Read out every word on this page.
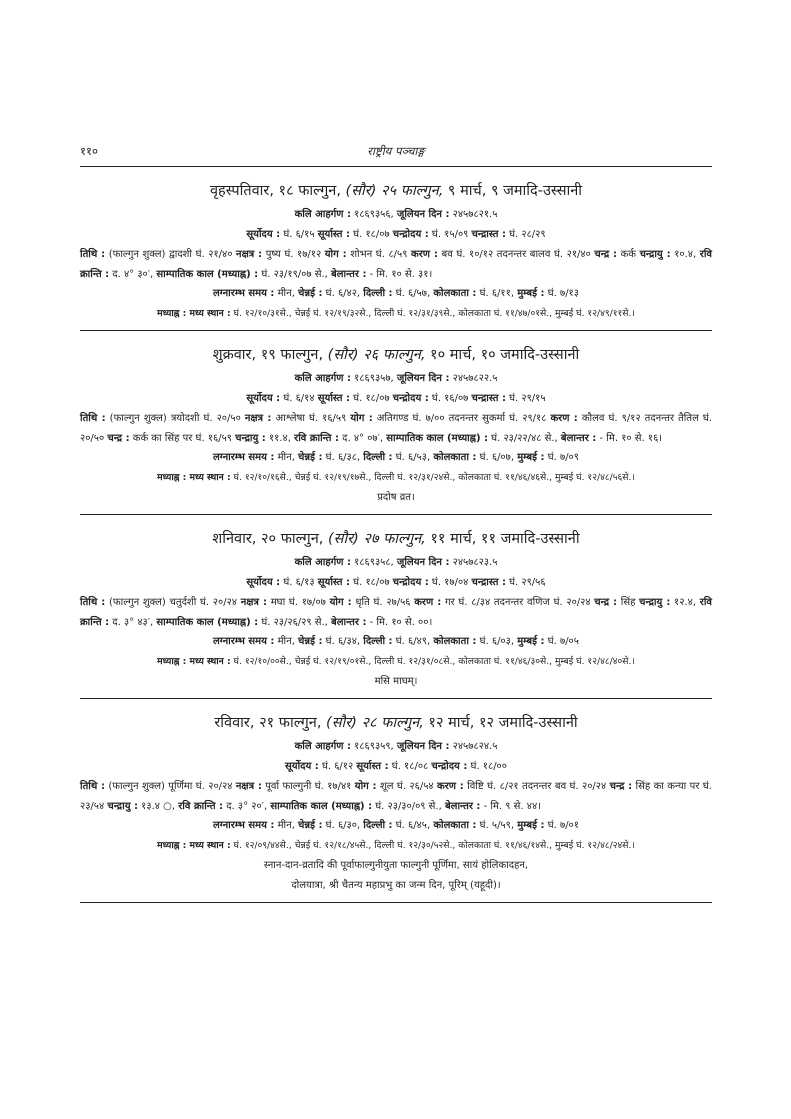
११०	राष्ट्रीय पञ्चाङ्ग
वृहस्पतिवार, १८ फाल्गुन, (सौर) २५ फाल्गुन, ९ मार्च, ९ जमादि-उस्सानी
कलि आहर्गण : १८६९३५६, जूलियन दिन : २४५७८२१.५
सूर्योदय : घं. ६/१५ सूर्यास्त : घं. १८/०७ चन्द्रोदय : घं. १५/०९ चन्द्रास्त : घं. २८/२९
तिथि : (फाल्गुन शुक्ल) द्वादशी घं. २१/४० नक्षत्र : पुष्य घं. १७/१२ योग : शोभन घं. ८/५९ करण : बव घं. १०/१२ तदनन्तर बालव घं. २१/४० चन्द्र : कर्क चन्द्रायु : १०.४, रवि क्रान्ति : द. ४° ३०′, साम्पातिक काल (मध्याह्न) : घं. २३/१९/०७ से., बेलान्तर : - मि. १० से. ३१।
लग्नारम्भ समय : मीन, चेन्नई : घं. ६/४२, दिल्ली : घं. ६/५७, कोलकाता : घं. ६/११, मुम्बई : घं. ७/१३
मध्याह्न : मध्य स्थान : घं. १२/१०/३१से., चेन्नई घं. १२/१९/३२से., दिल्ली घं. १२/३१/३९से., कोलकाता घं. ११/४७/०१से., मुम्बई घं. १२/४९/११से.।
शुक्रवार, १९ फाल्गुन, (सौर) २६ फाल्गुन, १० मार्च, १० जमादि-उस्सानी
कलि आहर्गण : १८६९३५७, जूलियन दिन : २४५७८२२.५
सूर्योदय : घं. ६/१४ सूर्यास्त : घं. १८/०७ चन्द्रोदय : घं. १६/०७ चन्द्रास्त : घं. २९/१५
तिथि : (फाल्गुन शुक्ल) त्रयोदशी घं. २०/५० नक्षत्र : आश्लेषा घं. १६/५९ योग : अतिगण्ड घं. ७/०० तदनन्तर सुकर्मा घं. २९/१८ करण : कौलव घं. ९/१२ तदनन्तर तैतिल घं. २०/५० चन्द्र : कर्क का सिंह पर घं. १६/५९ चन्द्रायु : ११.४, रवि क्रान्ति : द. ४° ०७′, साम्पातिक काल (मध्याह्न) : घं. २३/२२/४८ से., बेलान्तर : - मि. १० से. १६।
लग्नारम्भ समय : मीन, चेन्नई : घं. ६/३८, दिल्ली : घं. ६/५३, कोलकाता : घं. ६/०७, मुम्बई : घं. ७/०९
मध्याह्न : मध्य स्थान : घं. १२/१०/१६से., चेन्नई घं. १२/१९/१७से., दिल्ली घं. १२/३१/२४से., कोलकाता घं. ११/४६/४६से., मुम्बई घं. १२/४८/५६से.।
प्रदोष व्रत।
शनिवार, २० फाल्गुन, (सौर) २७ फाल्गुन, ११ मार्च, ११ जमादि-उस्सानी
कलि आहर्गण : १८६९३५८, जूलियन दिन : २४५७८२३.५
सूर्योदय : घं. ६/१३ सूर्यास्त : घं. १८/०७ चन्द्रोदय : घं. १७/०४ चन्द्रास्त : घं. २९/५६
तिथि : (फाल्गुन शुक्ल) चतुर्दशी घं. २०/२४ नक्षत्र : मघा घं. १७/०७ योग : धृति घं. २७/५६ करण : गर घं. ८/३४ तदनन्तर वणिज घं. २०/२४ चन्द्र : सिंह चन्द्रायु : १२.४, रवि क्रान्ति : द. ३° ४३′, साम्पातिक काल (मध्याह्न) : घं. २३/२६/२९ से., बेलान्तर : - मि. १० से. ००।
लग्नारम्भ समय : मीन, चेन्नई : घं. ६/३४, दिल्ली : घं. ६/४९, कोलकाता : घं. ६/०३, मुम्बई : घं. ७/०५
मध्याह्न : मध्य स्थान : घं. १२/१०/००से., चेन्नई घं. १२/१९/०१से., दिल्ली घं. १२/३१/०८से., कोलकाता घं. ११/४६/३०से., मुम्बई घं. १२/४८/४०से.।
मसि माघम्।
रविवार, २१ फाल्गुन, (सौर) २८ फाल्गुन, १२ मार्च, १२ जमादि-उस्सानी
कलि आहर्गण : १८६९३५९, जूलियन दिन : २४५७८२४.५
सूर्योदय : घं. ६/१२ सूर्यास्त : घं. १८/०८ चन्द्रोदय : घं. १८/००
तिथि : (फाल्गुन शुक्ल) पूर्णिमा घं. २०/२४ नक्षत्र : पूर्वा फाल्गुनी घं. १७/४१ योग : शूल घं. २६/५४ करण : विष्टि घं. ८/२१ तदनन्तर बव घं. २०/२४ चन्द्र : सिंह का कन्या पर घं. २३/५४ चन्द्रायु : १३.४ ○, रवि क्रान्ति : द. ३° २०′, साम्पातिक काल (मध्याह्न) : घं. २३/३०/०९ से., बेलान्तर : - मि. ९ से. ४४।
लग्नारम्भ समय : मीन, चेन्नई : घं. ६/३०, दिल्ली : घं. ६/४५, कोलकाता : घं. ५/५९, मुम्बई : घं. ७/०१
मध्याह्न : मध्य स्थान : घं. १२/०९/४४से., चेन्नई घं. १२/१८/४५से., दिल्ली घं. १२/३०/५२से., कोलकाता घं. ११/४६/१४से., मुम्बई घं. १२/४८/२४से.।
स्नान-दान-व्रतादि की पूर्वाफाल्गुनीयुता फाल्गुनी पूर्णिमा, सायं होलिकादहन,
दोलयात्रा, श्री चैतन्य महाप्रभु का जन्म दिन, पूरिम् (यहूदी)।
